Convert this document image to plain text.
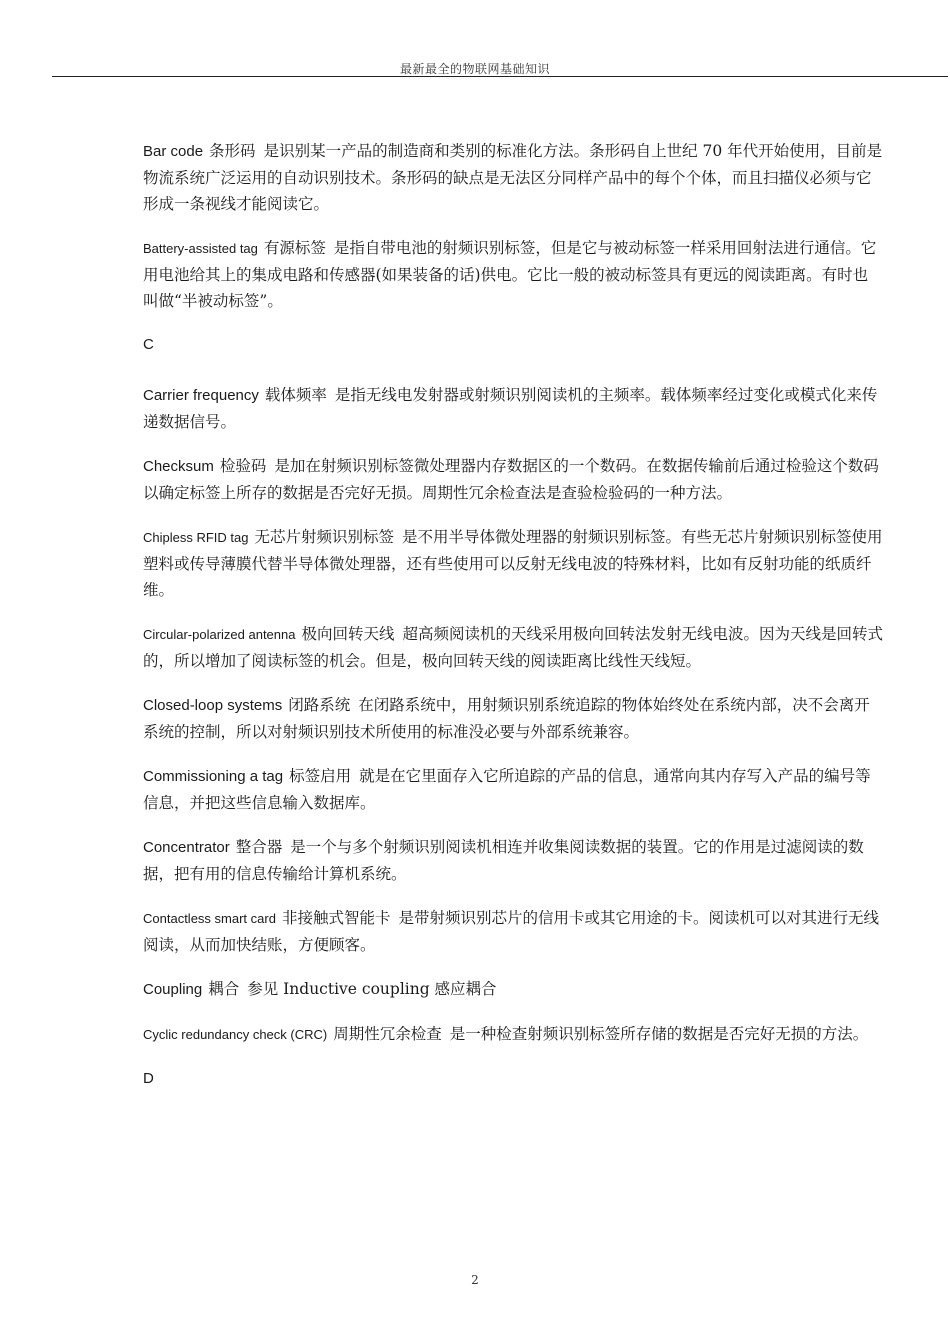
最新最全的物联网基础知识
Bar code 条形码 是识别某一产品的制造商和类别的标准化方法。条形码自上世纪 70 年代开始使用，目前是物流系统广泛运用的自动识别技术。条形码的缺点是无法区分同样产品中的每个个体，而且扫描仪必须与它形成一条视线才能阅读它。
Battery-assisted tag 有源标签 是指自带电池的射频识别标签，但是它与被动标签一样采用回射法进行通信。它用电池给其上的集成电路和传感器(如果装备的话)供电。它比一般的被动标签具有更远的阅读距离。有时也叫做“半被动标签”。
C
Carrier frequency 载体频率 是指无线电发射器或射频识别阅读机的主频率。载体频率经过变化或模式化来传递数据信号。
Checksum 检验码 是加在射频识别标签微处理器内存数据区的一个数码。在数据传输前后通过检验这个数码以确定标签上所存的数据是否完好无损。周期性冗余检查法是查验检验码的一种方法。
Chipless RFID tag 无芯片射频识别标签 是不用半导体微处理器的射频识别标签。有些无芯片射频识别标签使用塑料或传导薄膜代替半导体微处理器，还有些使用可以反射无线电波的特殊材料，比如有反射功能的纸质纤维。
Circular-polarized antenna 极向回转天线 超高频阅读机的天线采用极向回转法发射无线电波。因为天线是回转式的，所以增加了阅读标签的机会。但是，极向回转天线的阅读距离比线性天线短。
Closed-loop systems 闭路系统 在闭路系统中，用射频识别系统追踪的物体始终处在系统内部，决不会离开系统的控制，所以对射频识别技术所使用的标准没必要与外部系统兼容。
Commissioning a tag 标签启用 就是在它里面存入它所追踪的产品的信息，通常向其内存写入产品的编号等信息，并把这些信息输入数据库。
Concentrator 整合器 是一个与多个射频识别阅读机相连并收集阅读数据的装置。它的作用是过滤阅读的数据，把有用的信息传输给计算机系统。
Contactless smart card 非接触式智能卡 是带射频识别芯片的信用卡或其它用途的卡。阅读机可以对其进行无线阅读，从而加快结账，方便顾客。
Coupling 耦合 参见 Inductive coupling 感应耦合
Cyclic redundancy check (CRC) 周期性冗余检查 是一种检查射频识别标签所存储的数据是否完好无损的方法。
D
2
